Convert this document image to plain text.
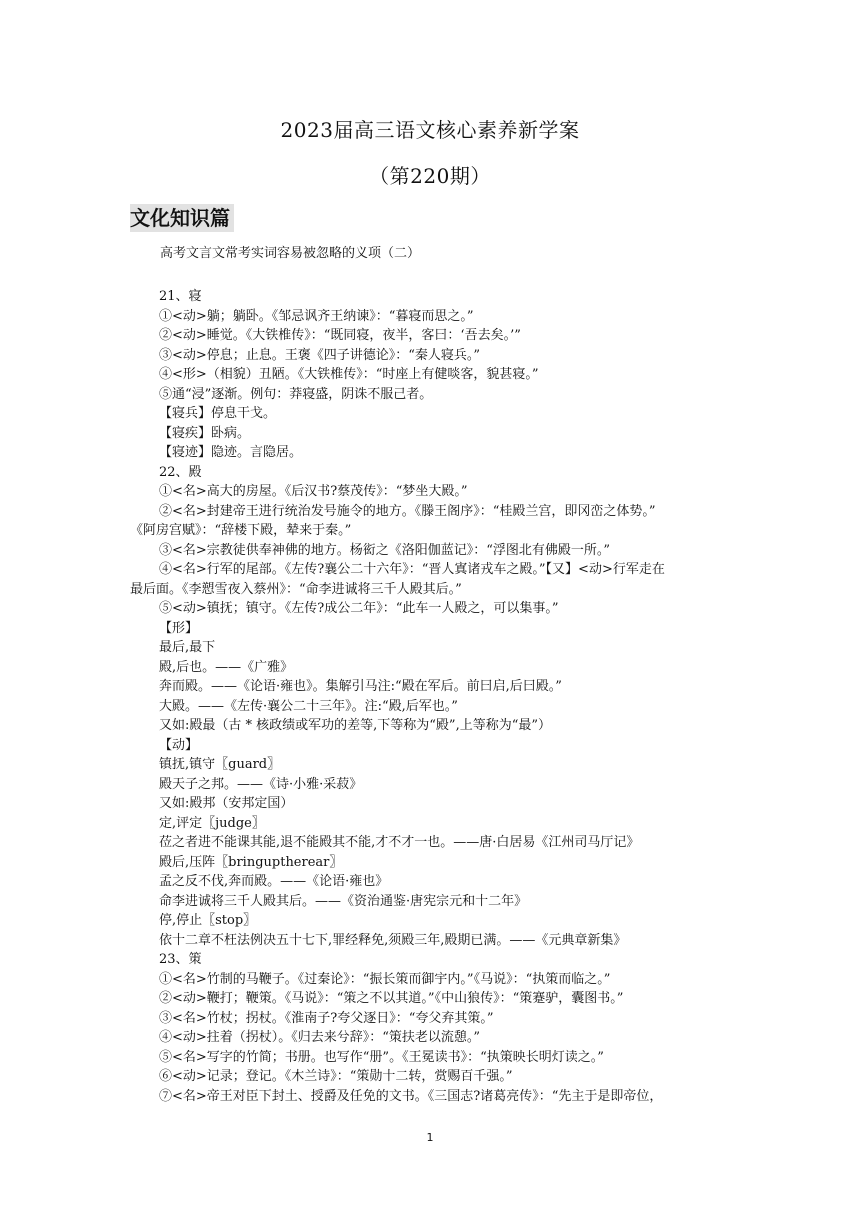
2023届高三语文核心素养新学案
（第220期）
文化知识篇
高考文言文常考实词容易被忽略的义项（二）
21、寝
①<动>躺；躺卧。《邹忌讽齐王纳谏》：“暮寝而思之。”
②<动>睡觉。《大铁椎传》：“既同寝，夜半，客曰：‘吾去矣。’”
③<动>停息；止息。王褒《四子讲德论》：“秦人寝兵。”
④<形>（相貌）丑陋。《大铁椎传》：“时座上有健啖客，貌甚寝。”
⑤通“浸”逐渐。例句：莽寝盛，阴诛不服己者。
【寝兵】停息干戈。
【寝疾】卧病。
【寝迹】隐迹。言隐居。
22、殿
①<名>高大的房屋。《后汉书?蔡茂传》：“梦坐大殿。”
②<名>封建帝王进行统治发号施令的地方。《滕王阁序》：“桂殿兰宫，即冈峦之体势。”
《阿房宫赋》：“辞楼下殿，辇来于秦。”
③<名>宗教徒供奉神佛的地方。杨衒之《洛阳伽蓝记》：“浮图北有佛殿一所。”
④<名>行军的尾部。《左传?襄公二十六年》：“晋人寘诸戎车之殿。”【又】<动>行军走在
最后面。《李愬雪夜入蔡州》：“命李进诚将三千人殿其后。”
⑤<动>镇抚；镇守。《左传?成公二年》：“此车一人殿之，可以集事。”
【形】
最后,最下
殿,后也。——《广雅》
奔而殿。——《论语·雍也》。集解引马注:“殿在军后。前曰启,后曰殿。”
大殿。——《左传·襄公二十三年》。注:“殿,后军也。”
又如:殿最（古 * 核政绩或军功的差等,下等称为“殿”,上等称为“最”）
【动】
镇抚,镇守〖guard〗
殿天子之邦。——《诗·小雅·采菽》
又如:殿邦（安邦定国）
定,评定〖judge〗
莅之者进不能课其能,退不能殿其不能,才不才一也。——唐·白居易《江州司马厅记》
殿后,压阵〖bringuptherear〗
孟之反不伐,奔而殿。——《论语·雍也》
命李进诚将三千人殿其后。——《资治通鉴·唐宪宗元和十二年》
停,停止〖stop〗
依十二章不枉法例决五十七下,罪经释免,须殿三年,殿期已满。——《元典章新集》
23、策
①<名>竹制的马鞭子。《过秦论》：“振长策而御宇内。”《马说》：“执策而临之。”
②<动>鞭打；鞭策。《马说》：“策之不以其道。”《中山狼传》：“策蹇驴，囊图书。”
③<名>竹杖；拐杖。《淮南子?夸父逐日》：“夸父弃其策。”
④<动>拄着（拐杖）。《归去来兮辞》：“策扶老以流憩。”
⑤<名>写字的竹简；书册。也写作“册”。《王冕读书》：“执策映长明灯读之。”
⑥<动>记录；登记。《木兰诗》：“策勋十二转，赏赐百千强。”
⑦<名>帝王对臣下封土、授爵及任免的文书。《三国志?诸葛亮传》：“先主于是即帝位，
1
